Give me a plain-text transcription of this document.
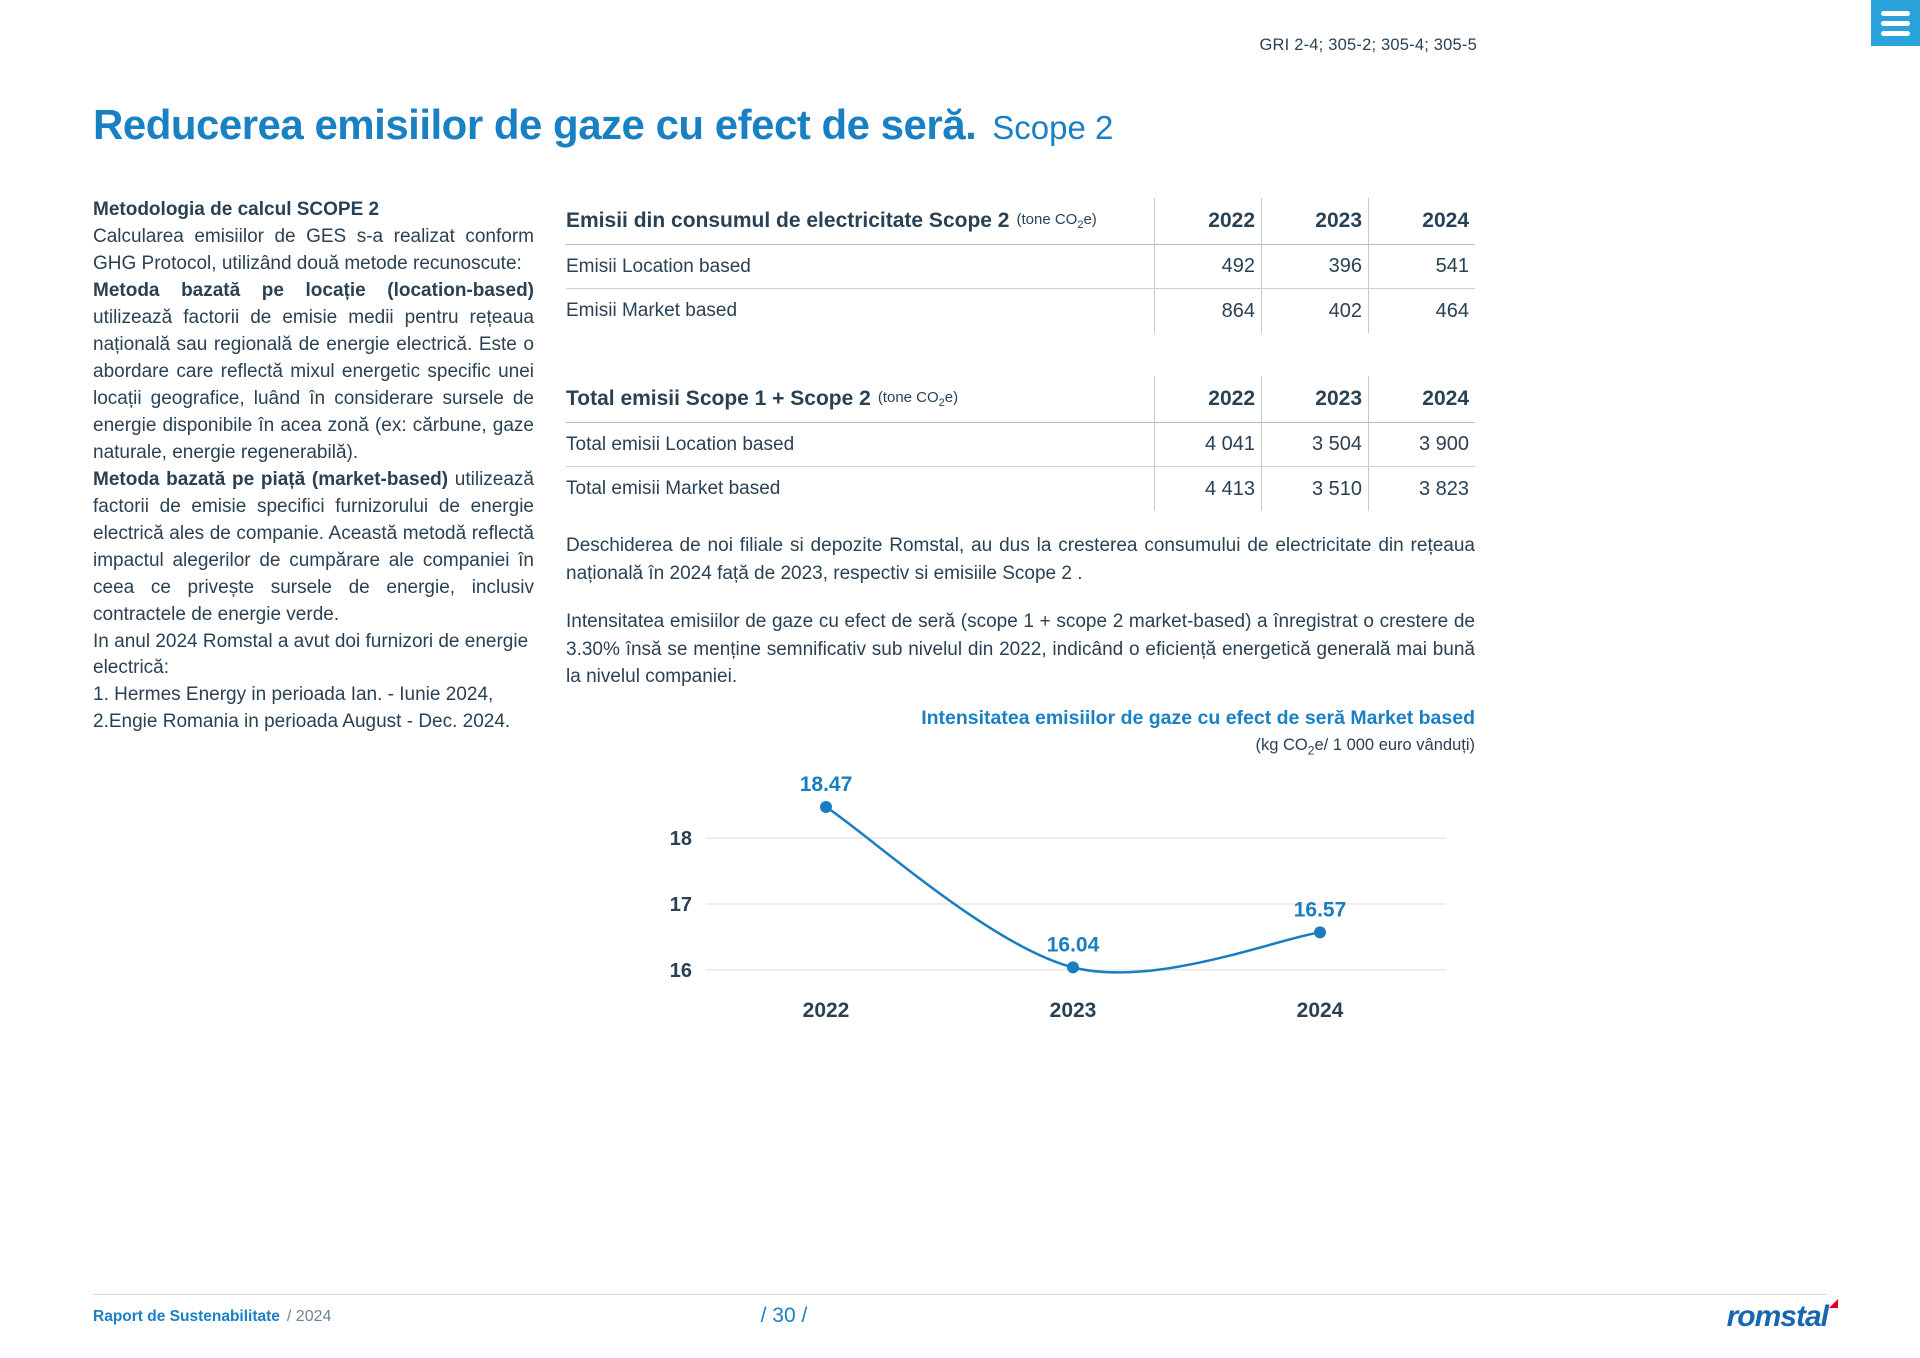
GRI 2-4; 305-2; 305-4; 305-5
Reducerea emisiilor de gaze cu efect de seră. Scope 2

Metodologia de calcul SCOPE 2
Calcularea emisiilor de GES s-a realizat conform GHG Protocol, utilizând două metode recunoscute:

Metoda bazată pe locație (location-based) utilizează factorii de emisie medii pentru rețeaua națională sau regională de energie electrică. Este o abordare care reflectă mixul energetic specific unei locații geografice, luând în considerare sursele de energie disponibile în acea zonă (ex: cărbune, gaze naturale, energie regenerabilă).

Metoda bazată pe piață (market-based) utilizează factorii de emisie specifici furnizorului de energie electrică ales de companie. Această metodă reflectă impactul alegerilor de cumpărare ale companiei în ceea ce privește sursele de energie, inclusiv contractele de energie verde.

In anul 2024 Romstal a avut doi furnizori de energie electrică:

1. Hermes Energy in perioada Ian. - Iunie 2024,

2.Engie Romania in perioada August - Dec. 2024.

Emisii din consumul de electricitate Scope 2 (tone $CO_2e$)	2022	2023	2024
Emisii Location based	492	396	541
Emisii Market based	864	402	464
Total emisii Scope 1 + Scope 2 (tone $CO_2e$)	2022	2023	2024
Total emisii Location based	4 041	3 504	3 900
Total emisii Market based	4 413	3 510	3 823

Deschiderea de noi filiale si depozite Romstal, au dus la cresterea consumului de electricitate din rețeaua națională în 2024 față de 2023, respectiv si emisiile Scope 2 .

Intensitatea emisiilor de gaze cu efect de seră (scope 1 + scope 2 market-based) a înregistrat o crestere de 3.30% însă se menține semnificativ sub nivelul din 2022, indicând o eficiență energetică generală mai bună la nivelul companiei.

Intensitatea emisiilor de gaze cu efect de seră Market based
(kg $CO_2e/$ 1 000 euro vânduți)
16
17
18
2022	2023	2024
18.47
16.04
16.57
Raport de Sustenabilitate / 2024	/ 30 /	romstal
